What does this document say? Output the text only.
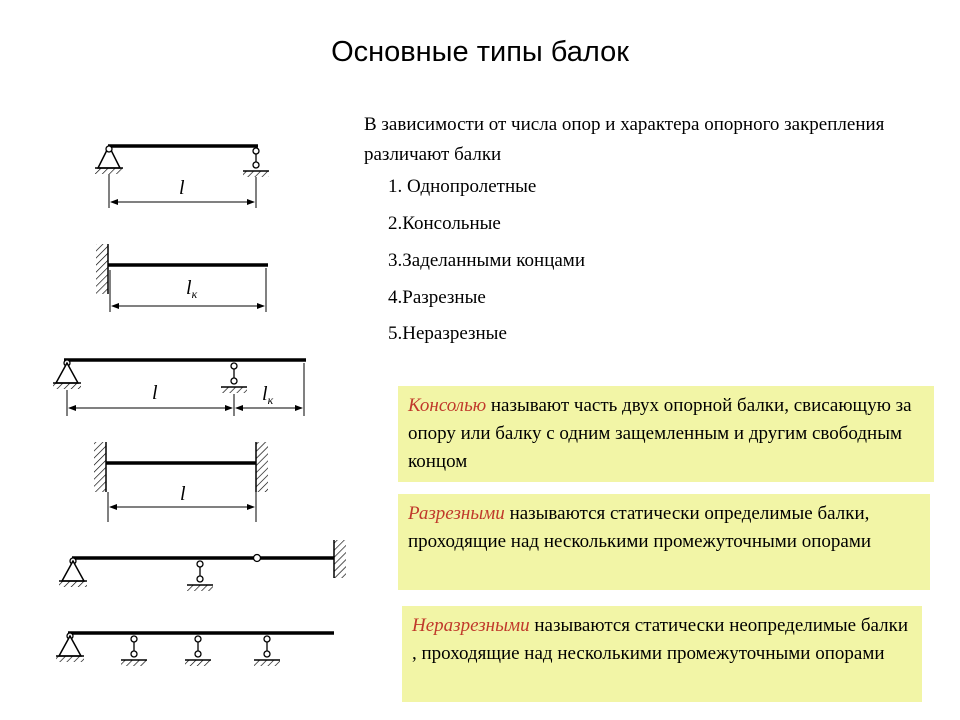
Основные типы балок
В зависимости от числа опор и характера опорного закрепления различают балки
1. Однопролетные
2.Консольные
3.Заделанными концами
4.Разрезные
5.Неразрезные
Консолью называют часть двух опорной балки, свисающую за опору или балку с одним защемленным и другим свободным концом
Разрезными называются статически определимые балки, проходящие над несколькими промежуточными опорами
Неразрезными называются статически неопределимые балки , проходящие над несколькими промежуточными опорами
l
$l_к$
l	$l_к$
l
